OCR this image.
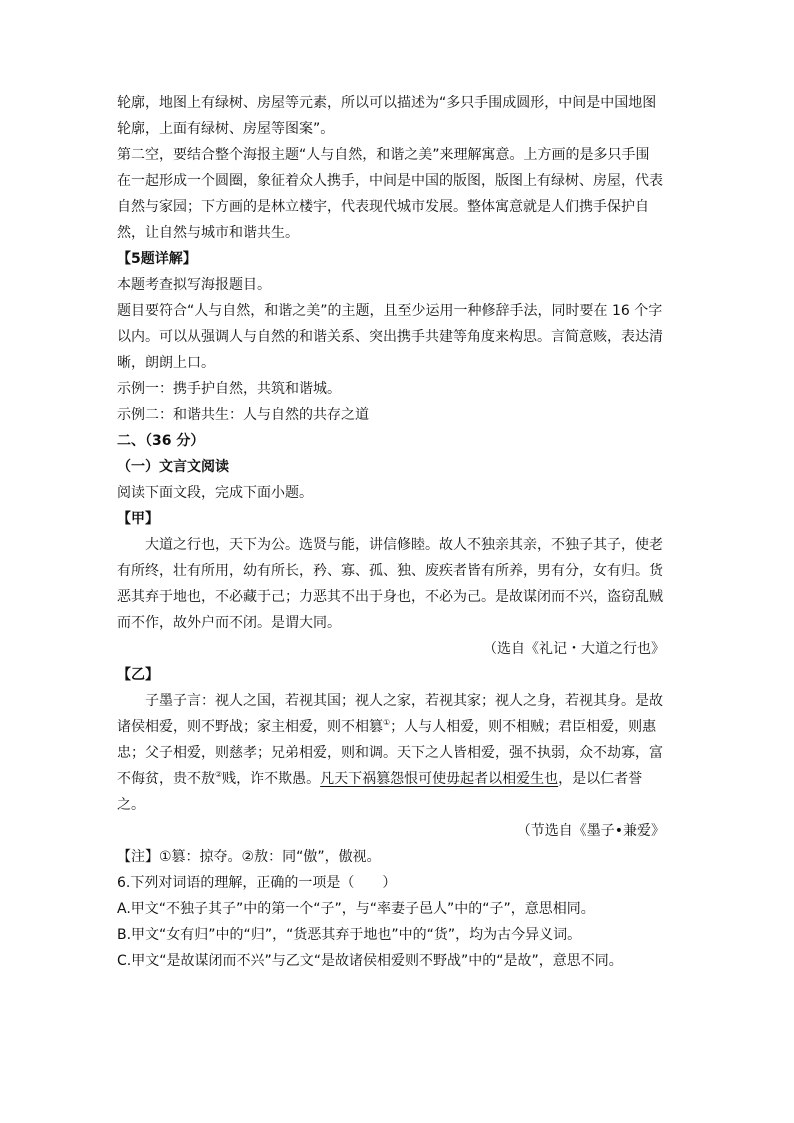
轮廓，地图上有绿树、房屋等元素，所以可以描述为“多只手围成圆形，中间是中国地图

轮廓，上面有绿树、房屋等图案”。

第二空，要结合整个海报主题“人与自然，和谐之美”来理解寓意。上方画的是多只手围

在一起形成一个圆圈，象征着众人携手，中间是中国的版图，版图上有绿树、房屋，代表

自然与家园；下方画的是林立楼宇，代表现代城市发展。整体寓意就是人们携手保护自

然，让自然与城市和谐共生。

【5题详解】

本题考查拟写海报题目。

题目要符合“人与自然，和谐之美”的主题，且至少运用一种修辞手法，同时要在 16 个字

以内。可以从强调人与自然的和谐关系、突出携手共建等角度来构思。言简意赅，表达清

晰，朗朗上口。

示例一：携手护自然，共筑和谐城。

示例二：和谐共生：人与自然的共存之道

二、（36 分）

（一）文言文阅读

阅读下面文段，完成下面小题。

【甲】

大道之行也，天下为公。选贤与能，讲信修睦。故人不独亲其亲，不独子其子，使老

有所终，壮有所用，幼有所长，矜、寡、孤、独、废疾者皆有所养，男有分，女有归。货

恶其弃于地也，不必藏于己；力恶其不出于身也，不必为己。是故谋闭而不兴，盗窃乱贼

而不作，故外户而不闭。是谓大同。

（选自《礼记・大道之行也》

【乙】

子墨子言：视人之国，若视其国；视人之家，若视其家；视人之身，若视其身。是故

诸侯相爱，则不野战；家主相爱，则不相篡①；人与人相爱，则不相贼；君臣相爱，则惠

忠；父子相爱，则慈孝；兄弟相爱，则和调。天下之人皆相爱，强不执弱，众不劫寡，富

不侮贫，贵不敖②贱，诈不欺愚。凡天下祸篡怨恨可使毋起者以相爱生也，是以仁者誉

之。

（节选自《墨子•兼爱》

【注】①篡：掠夺。②敖：同“傲”，傲视。

6.下列对词语的理解，正确的一项是（　　）

A.甲文“不独子其子”中的第一个“子”，与“率妻子邑人”中的“子”，意思相同。

B.甲文“女有归”中的“归”，“货恶其弃于地也”中的“货”，均为古今异义词。

C.甲文“是故谋闭而不兴”与乙文“是故诸侯相爱则不野战”中的“是故”，意思不同。
